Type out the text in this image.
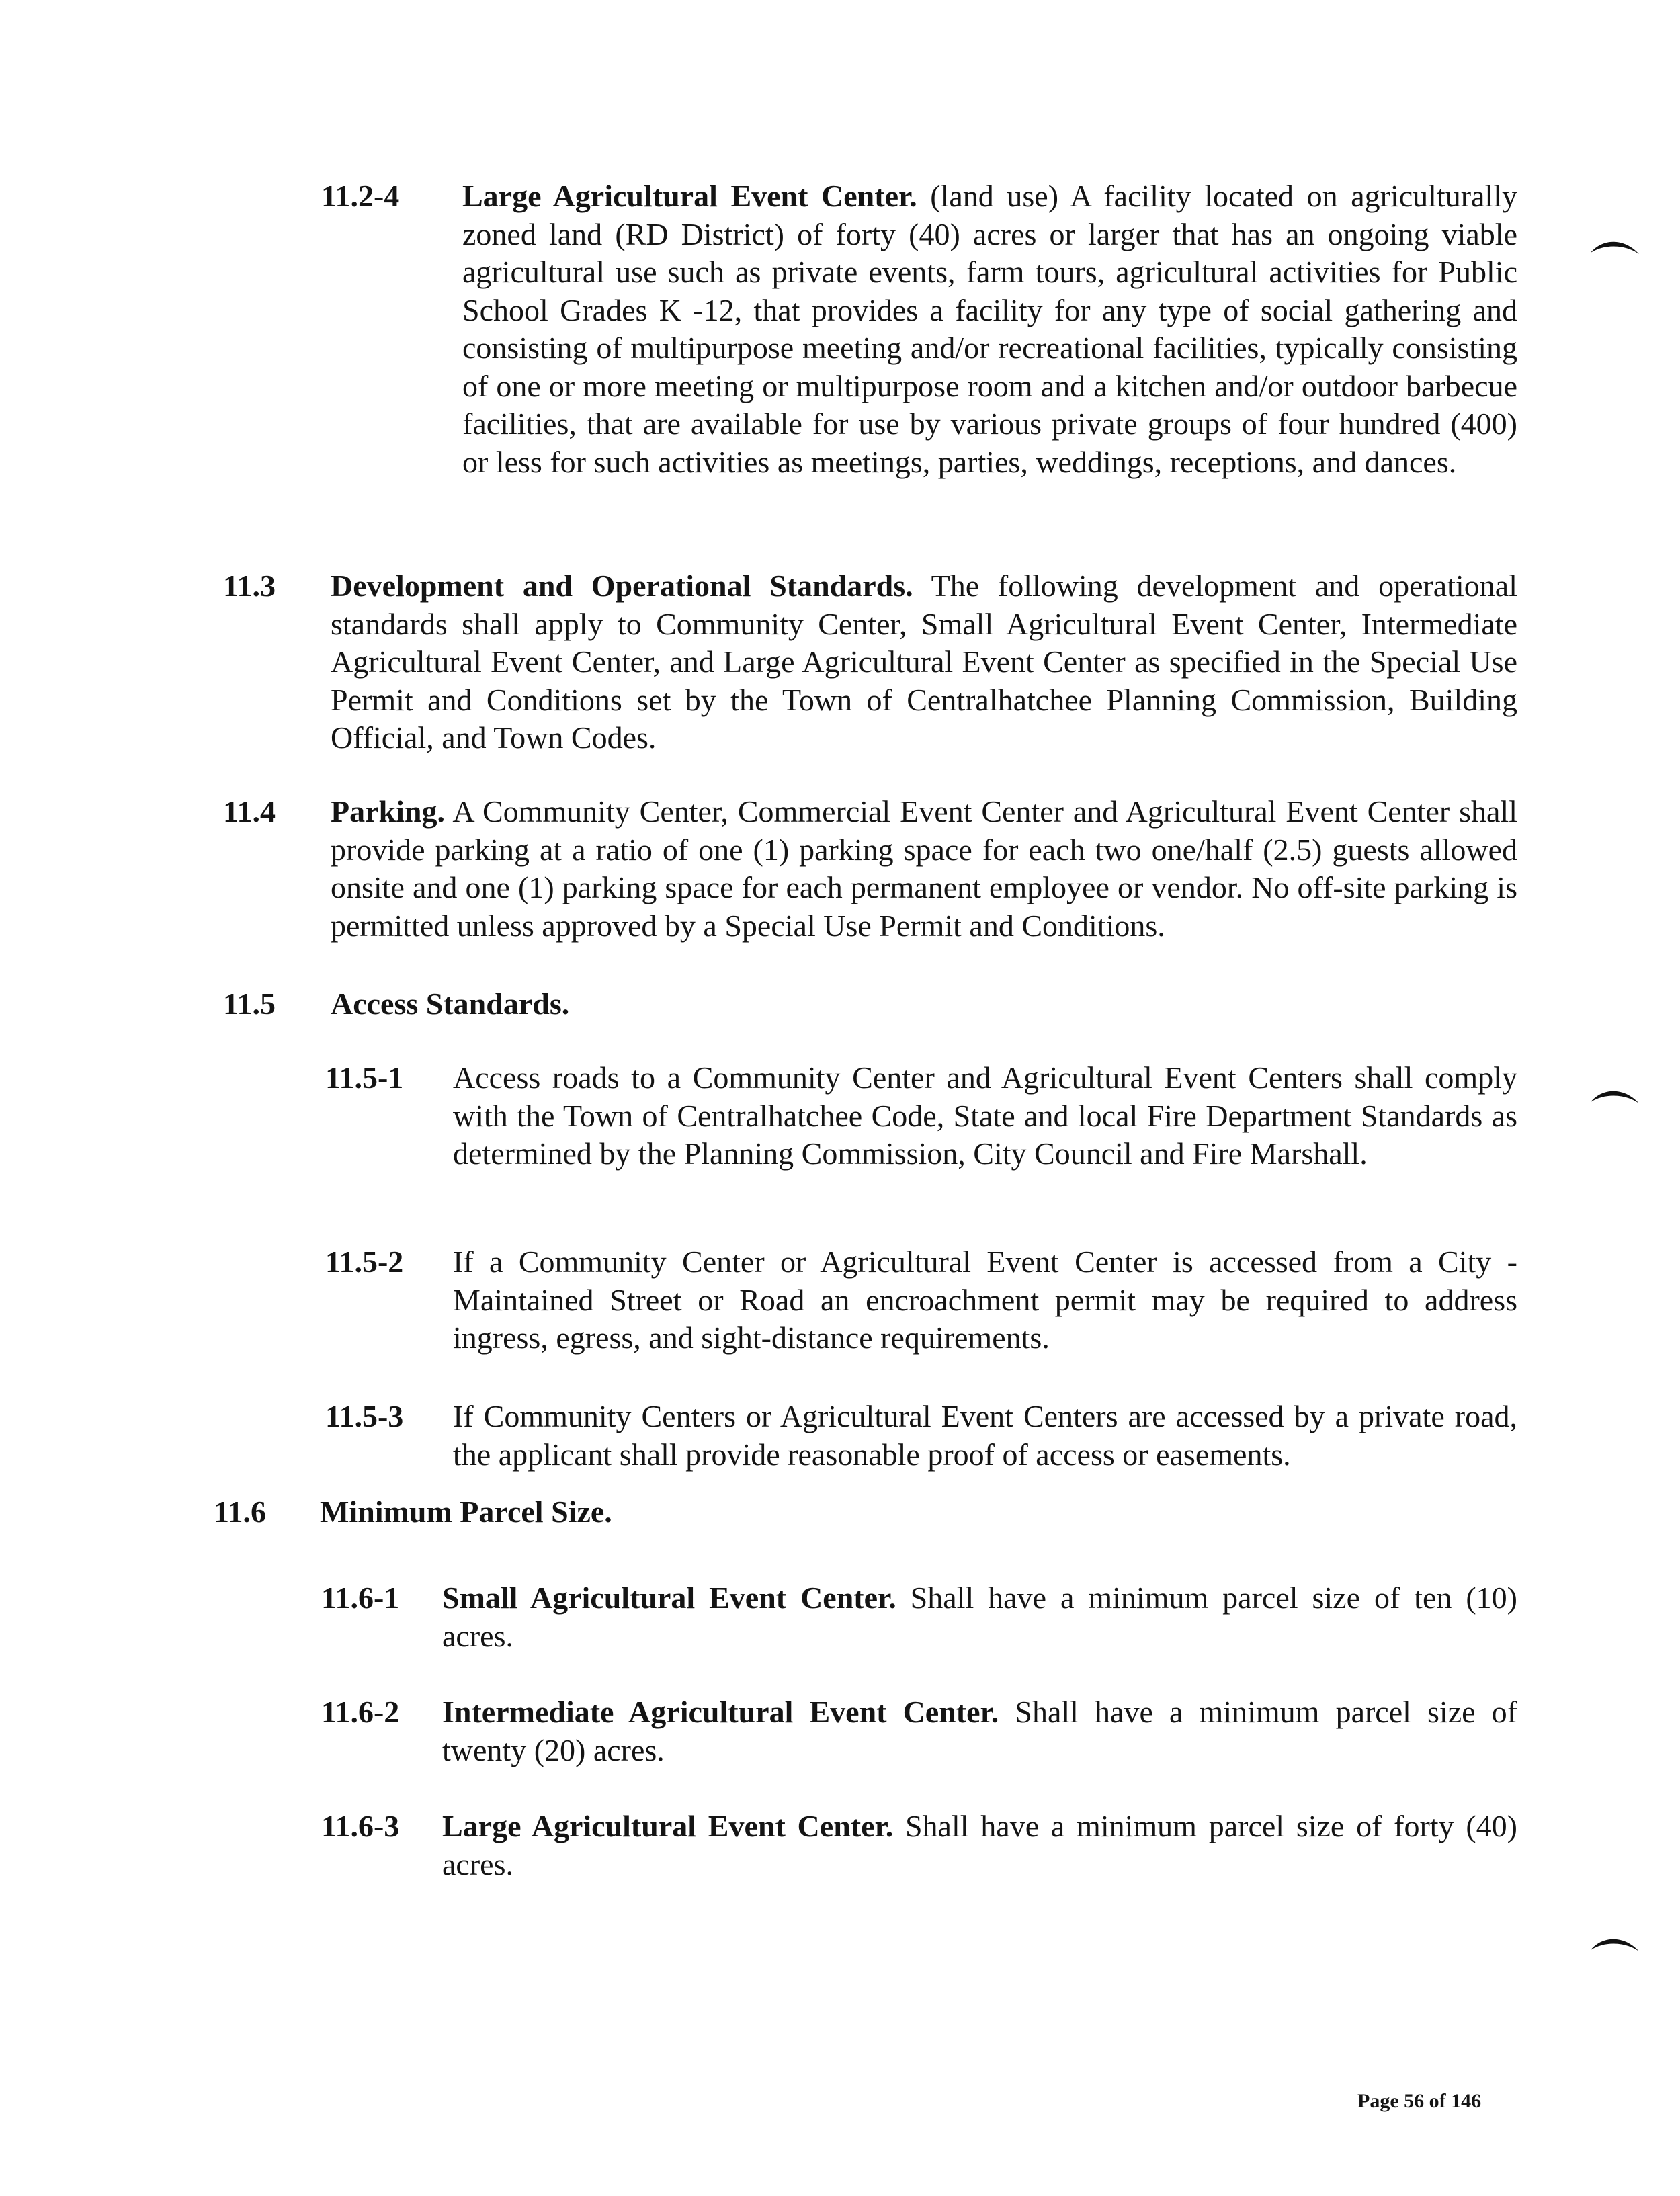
11.2-4 Large Agricultural Event Center. (land use) A facility located on agriculturally zoned land (RD District) of forty (40) acres or larger that has an ongoing viable agricultural use such as private events, farm tours, agricultural activities for Public School Grades K -12, that provides a facility for any type of social gathering and consisting of multipurpose meeting and/or recreational facilities, typically consisting of one or more meeting or multipurpose room and a kitchen and/or outdoor barbecue facilities, that are available for use by various private groups of four hundred (400) or less for such activities as meetings, parties, weddings, receptions, and dances.
11.3 Development and Operational Standards. The following development and operational standards shall apply to Community Center, Small Agricultural Event Center, Intermediate Agricultural Event Center, and Large Agricultural Event Center as specified in the Special Use Permit and Conditions set by the Town of Centralhatchee Planning Commission, Building Official, and Town Codes.
11.4 Parking. A Community Center, Commercial Event Center and Agricultural Event Center shall provide parking at a ratio of one (1) parking space for each two one/half (2.5) guests allowed onsite and one (1) parking space for each permanent employee or vendor. No off-site parking is permitted unless approved by a Special Use Permit and Conditions.
11.5 Access Standards.
11.5-1 Access roads to a Community Center and Agricultural Event Centers shall comply with the Town of Centralhatchee Code, State and local Fire Department Standards as determined by the Planning Commission, City Council and Fire Marshall.
11.5-2 If a Community Center or Agricultural Event Center is accessed from a City - Maintained Street or Road an encroachment permit may be required to address ingress, egress, and sight-distance requirements.
11.5-3 If Community Centers or Agricultural Event Centers are accessed by a private road, the applicant shall provide reasonable proof of access or easements.
11.6 Minimum Parcel Size.
11.6-1 Small Agricultural Event Center. Shall have a minimum parcel size of ten (10) acres.
11.6-2 Intermediate Agricultural Event Center. Shall have a minimum parcel size of twenty (20) acres.
11.6-3 Large Agricultural Event Center. Shall have a minimum parcel size of forty (40) acres.
Page 56 of 146
